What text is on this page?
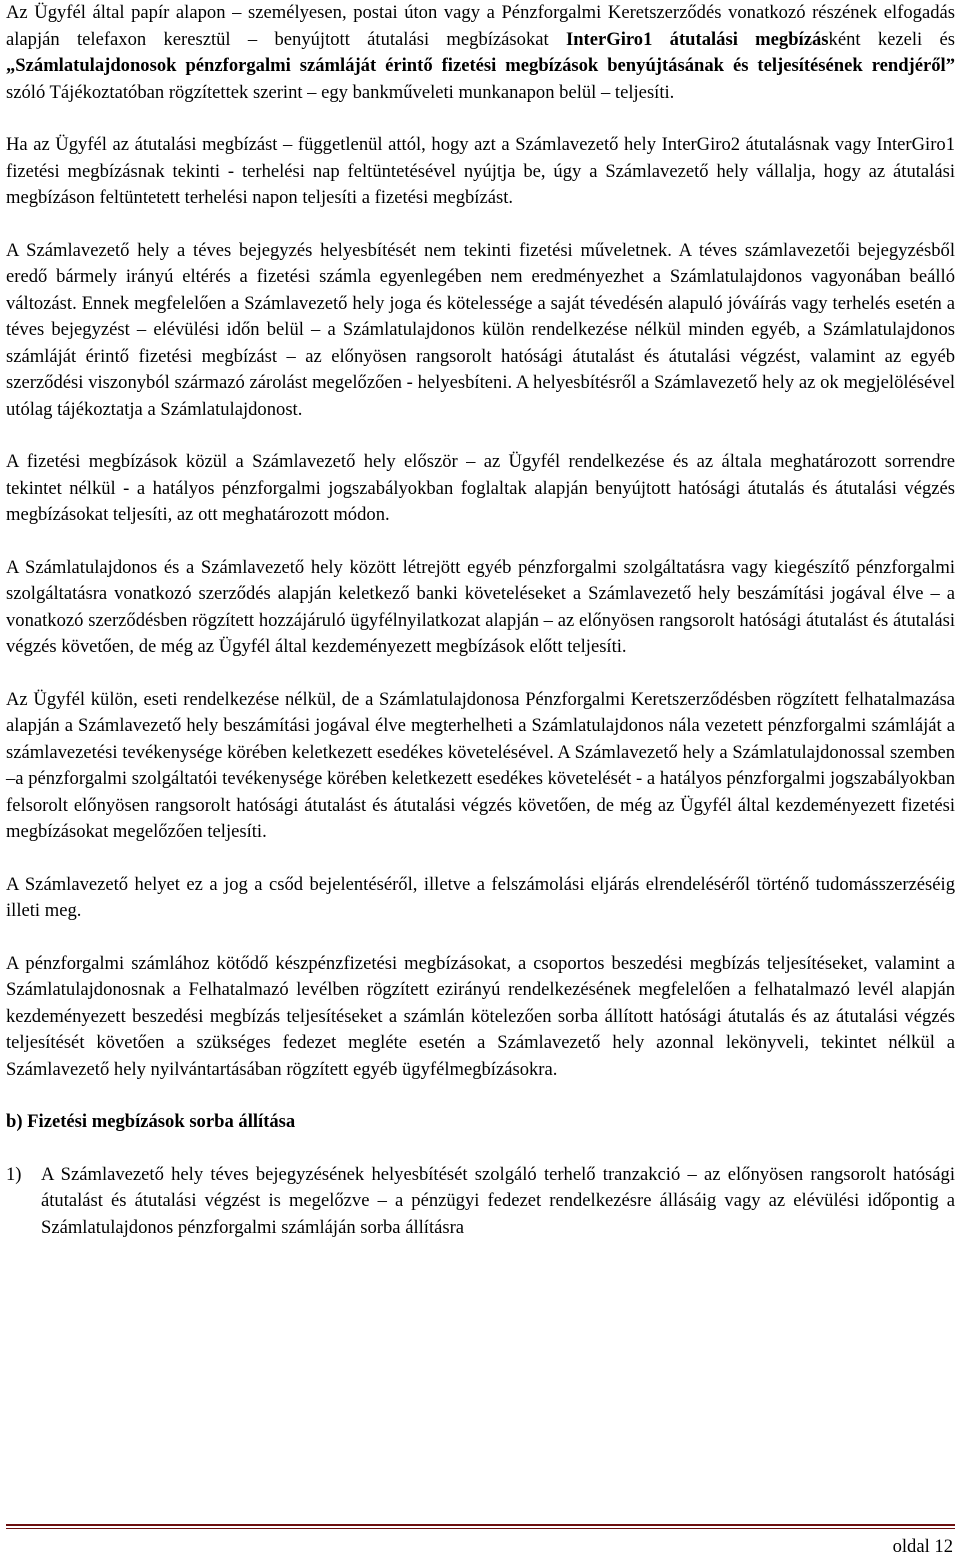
Az Ügyfél által papír alapon – személyesen, postai úton vagy a Pénzforgalmi Keretszerződés vonatkozó részének elfogadás alapján telefaxon keresztül – benyújtott átutalási megbízásokat InterGiro1 átutalási megbízásként kezeli és „Számlatulajdonosok pénzforgalmi számláját érintő fizetési megbízások benyújtásának és teljesítésének rendjéről” szóló Tájékoztatóban rögzítettek szerint – egy bankműveleti munkanapon belül – teljesíti.

Ha az Ügyfél az átutalási megbízást – függetlenül attól, hogy azt a Számlavezető hely InterGiro2 átutalásnak vagy InterGiro1 fizetési megbízásnak tekinti - terhelési nap feltüntetésével nyújtja be, úgy a Számlavezető hely vállalja, hogy az átutalási megbízáson feltüntetett terhelési napon teljesíti a fizetési megbízást.

A Számlavezető hely a téves bejegyzés helyesbítését nem tekinti fizetési műveletnek. A téves számlavezetői bejegyzésből eredő bármely irányú eltérés a fizetési számla egyenlegében nem eredményezhet a Számlatulajdonos vagyonában beálló változást. Ennek megfelelően a Számlavezető hely joga és kötelessége a saját tévedésén alapuló jóváírás vagy terhelés esetén a téves bejegyzést – elévülési időn belül – a Számlatulajdonos külön rendelkezése nélkül minden egyéb, a Számlatulajdonos számláját érintő fizetési megbízást – az előnyösen rangsorolt hatósági átutalást és átutalási végzést, valamint az egyéb szerződési viszonyból származó zárolást megelőzően - helyesbíteni. A helyesbítésről a Számlavezető hely az ok megjelölésével utólag tájékoztatja a Számlatulajdonost.

A fizetési megbízások közül a Számlavezető hely először – az Ügyfél rendelkezése és az általa meghatározott sorrendre tekintet nélkül - a hatályos pénzforgalmi jogszabályokban foglaltak alapján benyújtott hatósági átutalás és átutalási végzés megbízásokat teljesíti, az ott meghatározott módon.

A Számlatulajdonos és a Számlavezető hely között létrejött egyéb pénzforgalmi szolgáltatásra vagy kiegészítő pénzforgalmi szolgáltatásra vonatkozó szerződés alapján keletkező banki követeléseket a Számlavezető hely beszámítási jogával élve – a vonatkozó szerződésben rögzített hozzájáruló ügyfélnyilatkozat alapján – az előnyösen rangsorolt hatósági átutalást és átutalási végzés követően, de még az Ügyfél által kezdeményezett megbízások előtt teljesíti.

Az Ügyfél külön, eseti rendelkezése nélkül, de a Számlatulajdonosa Pénzforgalmi Keretszerződésben rögzített felhatalmazása alapján a Számlavezető hely beszámítási jogával élve megterhelheti a Számlatulajdonos nála vezetett pénzforgalmi számláját a számlavezetési tevékenysége körében keletkezett esedékes követelésével. A Számlavezető hely a Számlatulajdonossal szemben –a pénzforgalmi szolgáltatói tevékenysége körében keletkezett esedékes követelését - a hatályos pénzforgalmi jogszabályokban felsorolt előnyösen rangsorolt hatósági átutalást és átutalási végzés követően, de még az Ügyfél által kezdeményezett fizetési megbízásokat megelőzően teljesíti.

A Számlavezető helyet ez a jog a csőd bejelentéséről, illetve a felszámolási eljárás elrendeléséről történő tudomásszerzéséig illeti meg.

A pénzforgalmi számlához kötődő készpénzfizetési megbízásokat, a csoportos beszedési megbízás teljesítéseket, valamint a Számlatulajdonosnak a Felhatalmazó levélben rögzített ezirányú rendelkezésének megfelelően a felhatalmazó levél alapján kezdeményezett beszedési megbízás teljesítéseket a számlán kötelezően sorba állított hatósági átutalás és az átutalási végzés teljesítését követően a szükséges fedezet megléte esetén a Számlavezető hely azonnal lekönyveli, tekintet nélkül a Számlavezető hely nyilvántartásában rögzített egyéb ügyfélmegbízásokra.

b) Fizetési megbízások sorba állítása
1)	A Számlavezető hely téves bejegyzésének helyesbítését szolgáló terhelő tranzakció – az előnyösen rangsorolt hatósági átutalást és átutalási végzést is megelőzve – a pénzügyi fedezet rendelkezésre állásáig vagy az elévülési időpontig a Számlatulajdonos pénzforgalmi számláján sorba állításra
oldal 12
